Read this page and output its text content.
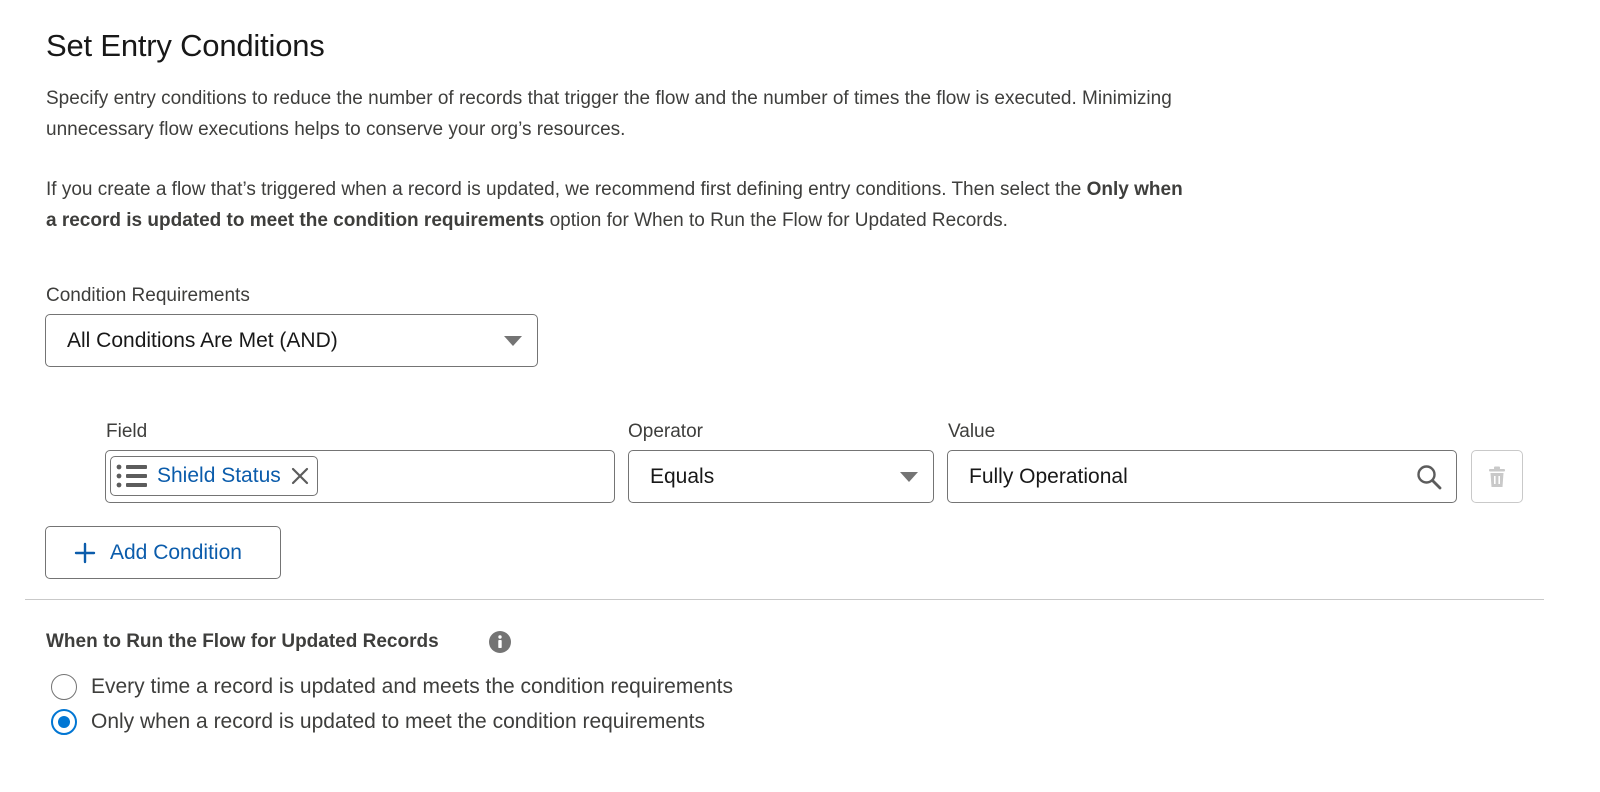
Set Entry Conditions

Specify entry conditions to reduce the number of records that trigger the flow and the number of times the flow is executed. Minimizing unnecessary flow executions helps to conserve your org’s resources.

If you create a flow that’s triggered when a record is updated, we recommend first defining entry conditions. Then select the Only when a record is updated to meet the condition requirements option for When to Run the Flow for Updated Records.

Condition Requirements
All Conditions Are Met (AND)
Field	Operator	Value
Shield Status	Equals	Fully Operational
Add Condition
When to Run the Flow for Updated Records
Every time a record is updated and meets the condition requirements
Only when a record is updated to meet the condition requirements
